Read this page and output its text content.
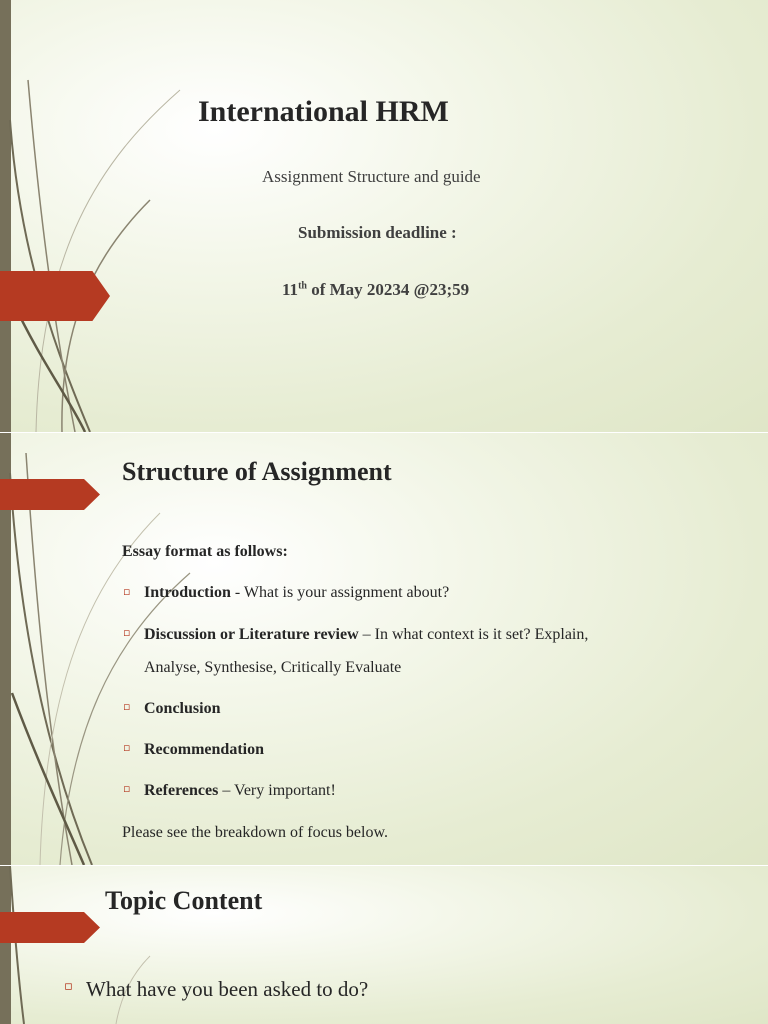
International HRM
Assignment Structure and guide
Submission deadline :
11th of May 20234 @23;59
Structure of Assignment
Essay format as follows:
▫ Introduction - What is your assignment about?
▫ Discussion or Literature review – In what context is it set? Explain,
Analyse, Synthesise, Critically Evaluate
▫ Conclusion
▫ Recommendation
▫ References – Very important!
Please see the breakdown of focus below.
Topic Content
▫ What have you been asked to do?
